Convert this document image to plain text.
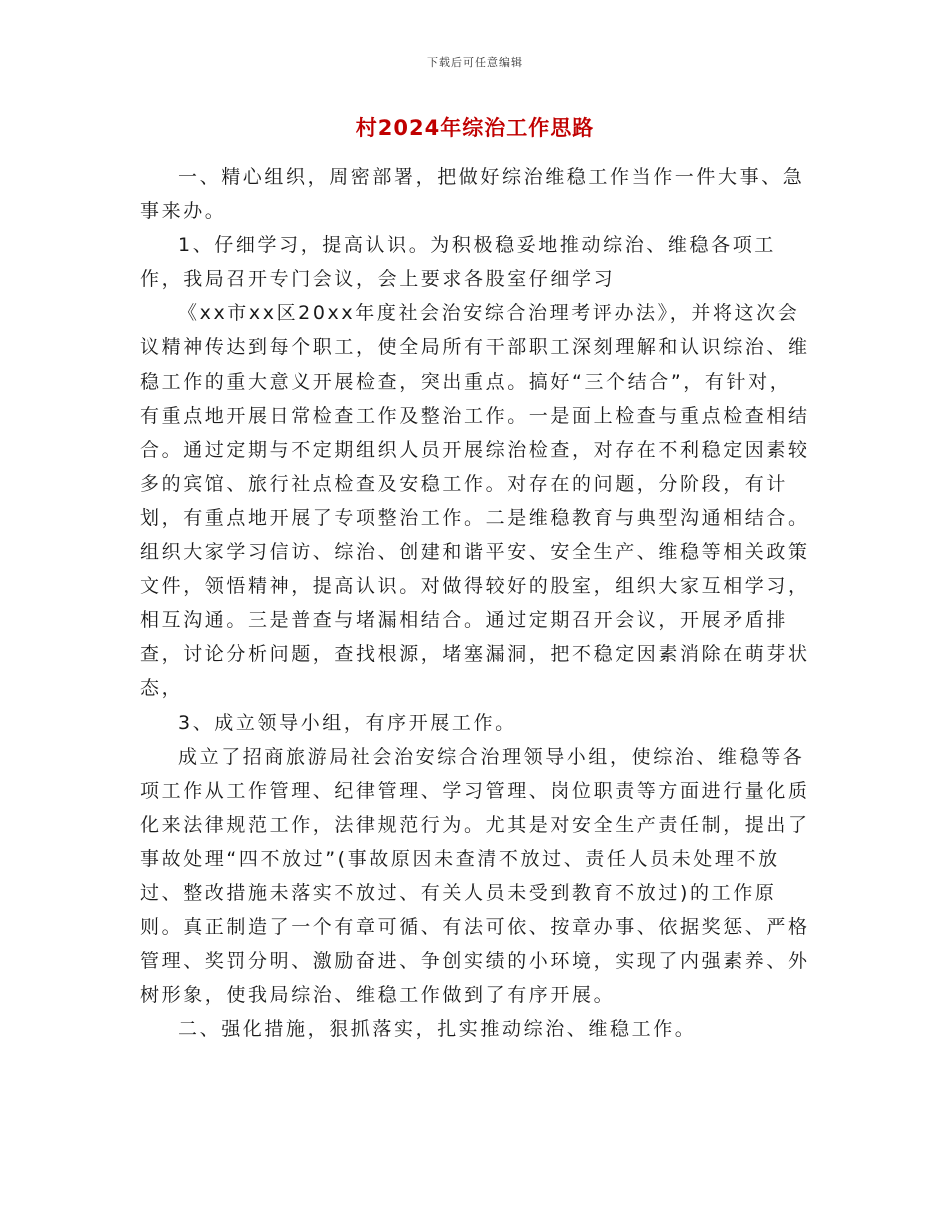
下载后可任意编辑
村2024年综治工作思路

一、精心组织，周密部署，把做好综治维稳工作当作一件大事、急事来办。

1、仔细学习，提高认识。为积极稳妥地推动综治、维稳各项工作，我局召开专门会议，会上要求各股室仔细学习

《xx市xx区20xx年度社会治安综合治理考评办法》，并将这次会议精神传达到每个职工，使全局所有干部职工深刻理解和认识综治、维稳工作的重大意义开展检查，突出重点。搞好“三个结合”，有针对，有重点地开展日常检查工作及整治工作。一是面上检查与重点检查相结合。通过定期与不定期组织人员开展综治检查，对存在不利稳定因素较多的宾馆、旅行社点检查及安稳工作。对存在的问题，分阶段，有计划，有重点地开展了专项整治工作。二是维稳教育与典型沟通相结合。组织大家学习信访、综治、创建和谐平安、安全生产、维稳等相关政策文件，领悟精神，提高认识。对做得较好的股室，组织大家互相学习，相互沟通。三是普查与堵漏相结合。通过定期召开会议，开展矛盾排查，讨论分析问题，查找根源，堵塞漏洞，把不稳定因素消除在萌芽状态，

3、成立领导小组，有序开展工作。

成立了招商旅游局社会治安综合治理领导小组，使综治、维稳等各项工作从工作管理、纪律管理、学习管理、岗位职责等方面进行量化质化来法律规范工作，法律规范行为。尤其是对安全生产责任制，提出了事故处理“四不放过”(事故原因未查清不放过、责任人员未处理不放过、整改措施未落实不放过、有关人员未受到教育不放过)的工作原则。真正制造了一个有章可循、有法可依、按章办事、依据奖惩、严格管理、奖罚分明、激励奋进、争创实绩的小环境，实现了内强素养、外树形象，使我局综治、维稳工作做到了有序开展。

二、强化措施，狠抓落实，扎实推动综治、维稳工作。
